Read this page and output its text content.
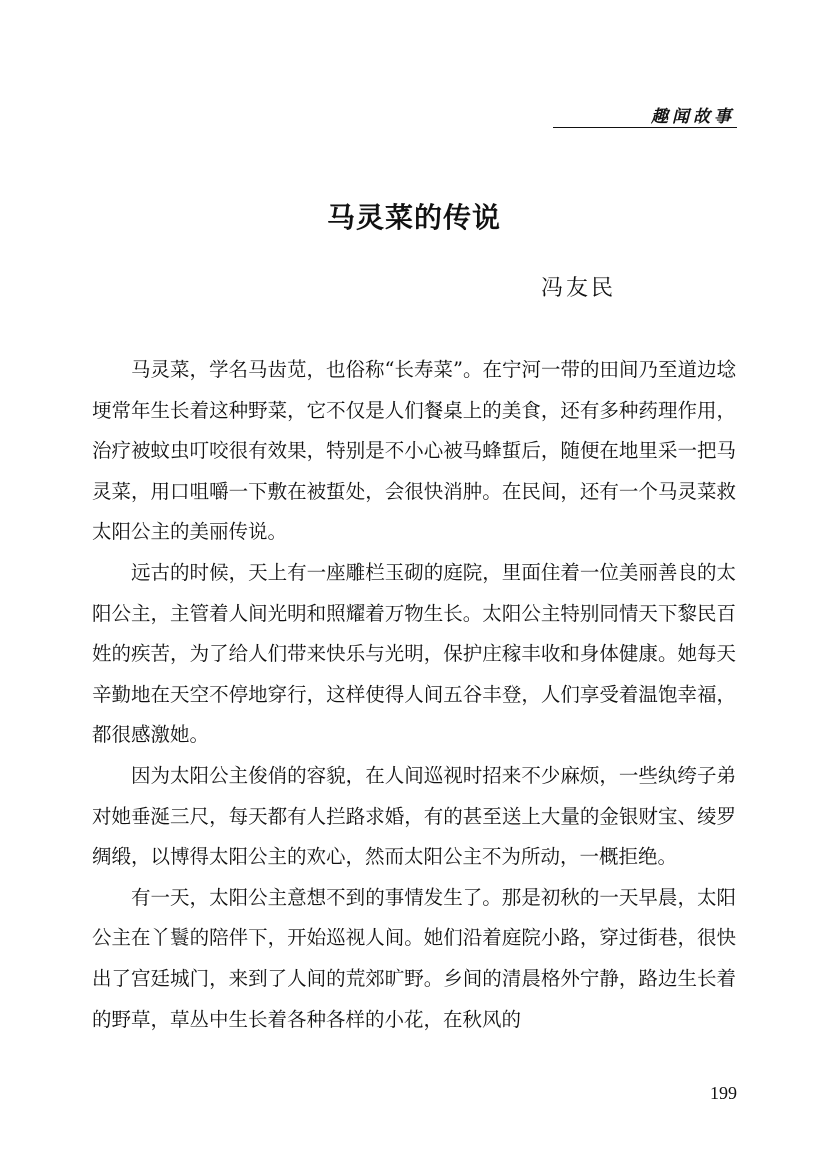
趣闻故事
马灵菜的传说
冯友民

马灵菜，学名马齿苋，也俗称“长寿菜”。在宁河一带的田间乃至道边埝埂常年生长着这种野菜，它不仅是人们餐桌上的美食，还有多种药理作用，治疗被蚊虫叮咬很有效果，特别是不小心被马蜂蜇后，随便在地里采一把马灵菜，用口咀嚼一下敷在被蜇处，会很快消肿。在民间，还有一个马灵菜救太阳公主的美丽传说。

远古的时候，天上有一座雕栏玉砌的庭院，里面住着一位美丽善良的太阳公主，主管着人间光明和照耀着万物生长。太阳公主特别同情天下黎民百姓的疾苦，为了给人们带来快乐与光明，保护庄稼丰收和身体健康。她每天辛勤地在天空不停地穿行，这样使得人间五谷丰登，人们享受着温饱幸福，都很感激她。

因为太阳公主俊俏的容貌，在人间巡视时招来不少麻烦，一些纨绔子弟对她垂涎三尺，每天都有人拦路求婚，有的甚至送上大量的金银财宝、绫罗绸缎，以博得太阳公主的欢心，然而太阳公主不为所动，一概拒绝。

有一天，太阳公主意想不到的事情发生了。那是初秋的一天早晨，太阳公主在丫鬟的陪伴下，开始巡视人间。她们沿着庭院小路，穿过街巷，很快出了宫廷城门，来到了人间的荒郊旷野。乡间的清晨格外宁静，路边生长着的野草，草丛中生长着各种各样的小花，在秋风的

199
